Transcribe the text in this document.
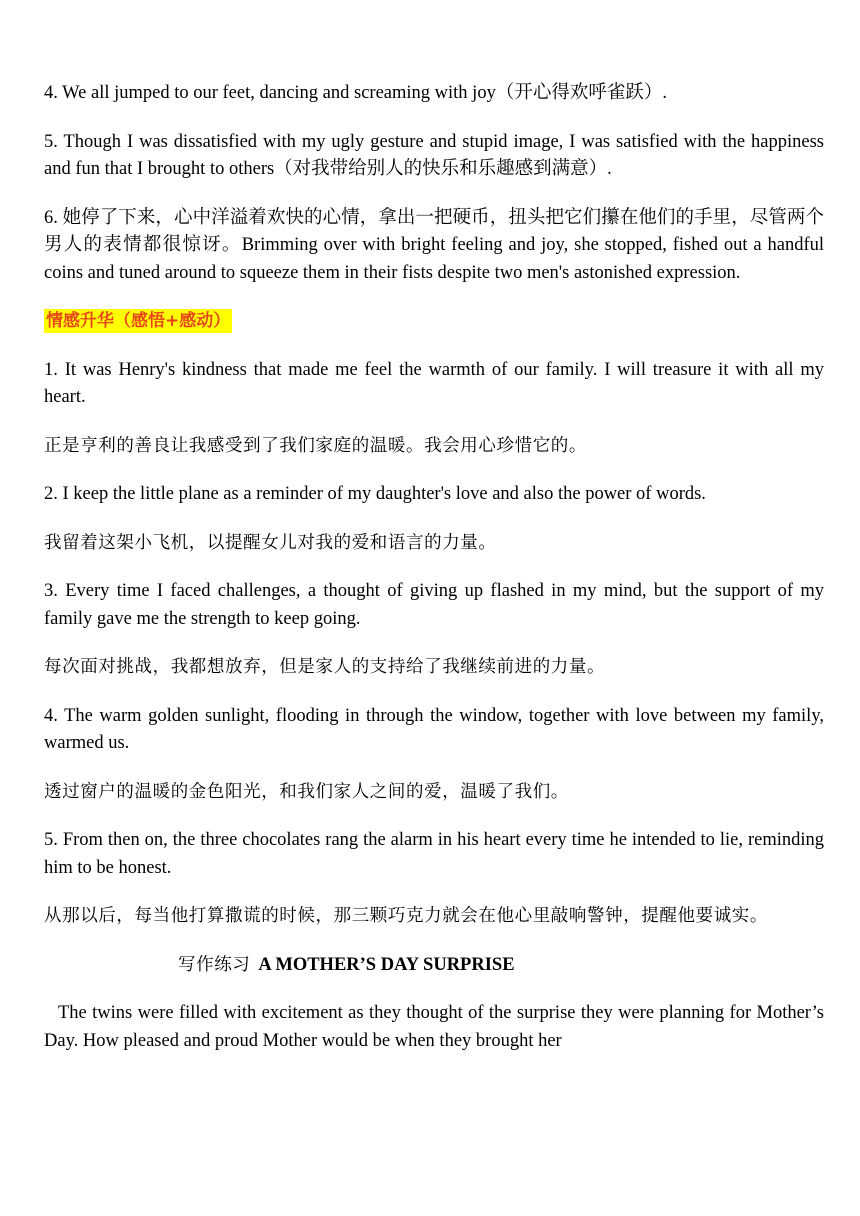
4. We all jumped to our feet, dancing and screaming with joy（开心得欢呼雀跃）.

5. Though I was dissatisfied with my ugly gesture and stupid image, I was satisfied with the happiness and fun that I brought to others（对我带给别人的快乐和乐趣感到满意）.

6. 她停了下来，心中洋溢着欢快的心情，拿出一把硬币，扭头把它们攥在他们的手里，尽管两个男人的表情都很惊讶。Brimming over with bright feeling and joy, she stopped, fished out a handful coins and tuned around to squeeze them in their fists despite two men's astonished expression.

情感升华（感悟+感动）

1. It was Henry's kindness that made me feel the warmth of our family. I will treasure it with all my heart.

正是亨利的善良让我感受到了我们家庭的温暖。我会用心珍惜它的。

2. I keep the little plane as a reminder of my daughter's love and also the power of words.

我留着这架小飞机，以提醒女儿对我的爱和语言的力量。

3. Every time I faced challenges, a thought of giving up flashed in my mind, but the support of my family gave me the strength to keep going.

每次面对挑战，我都想放弃，但是家人的支持给了我继续前进的力量。

4. The warm golden sunlight, flooding in through the window, together with love between my family, warmed us.

透过窗户的温暖的金色阳光，和我们家人之间的爱，温暖了我们。

5. From then on, the three chocolates rang the alarm in his heart every time he intended to lie, reminding him to be honest.

从那以后，每当他打算撒谎的时候，那三颗巧克力就会在他心里敲响警钟，提醒他要诚实。

写作练习 A MOTHER’S DAY SURPRISE

The twins were filled with excitement as they thought of the surprise they were planning for Mother’s Day. How pleased and proud Mother would be when they brought her
